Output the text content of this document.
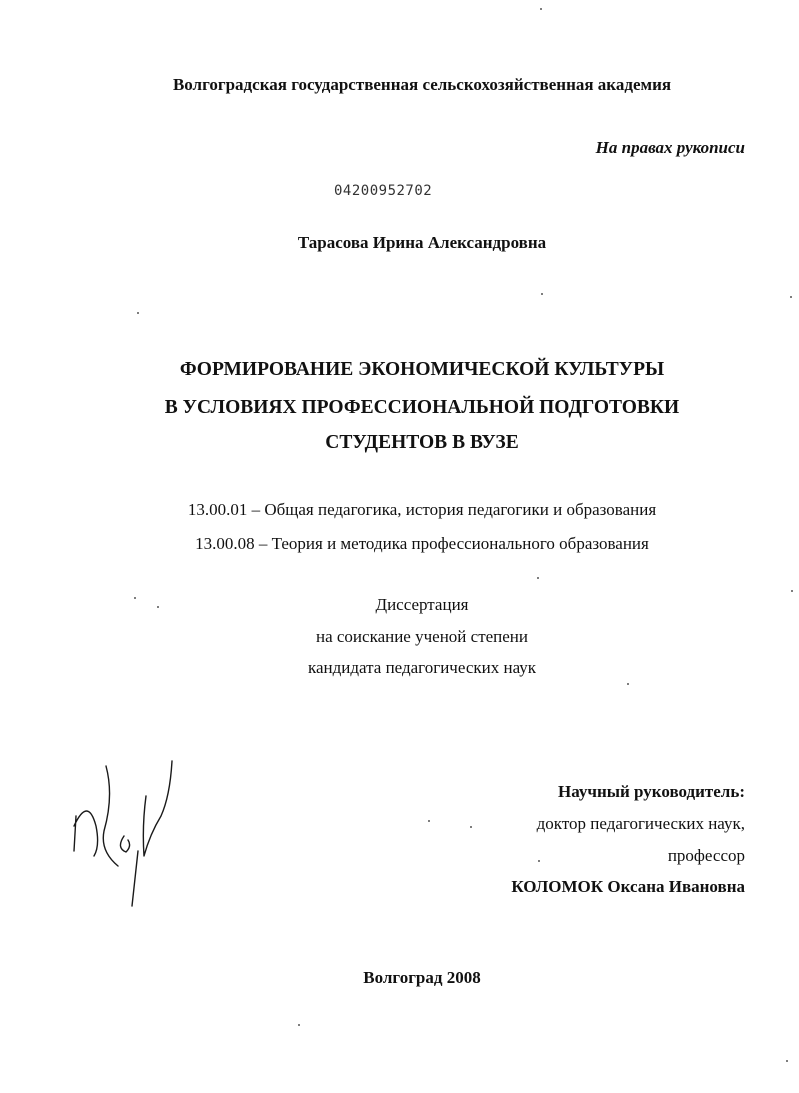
Волгоградская государственная сельскохозяйственная академия
На правах рукописи
04200952702
Тарасова Ирина Александровна
ФОРМИРОВАНИЕ ЭКОНОМИЧЕСКОЙ КУЛЬТУРЫ
В УСЛОВИЯХ ПРОФЕССИОНАЛЬНОЙ ПОДГОТОВКИ
СТУДЕНТОВ В ВУЗЕ
13.00.01 – Общая педагогика, история педагогики и образования
13.00.08 – Теория и методика профессионального образования
Диссертация
на соискание ученой степени
кандидата педагогических наук
Научный руководитель:
доктор педагогических наук,
профессор
КОЛОМОК Оксана Ивановна
Волгоград 2008
